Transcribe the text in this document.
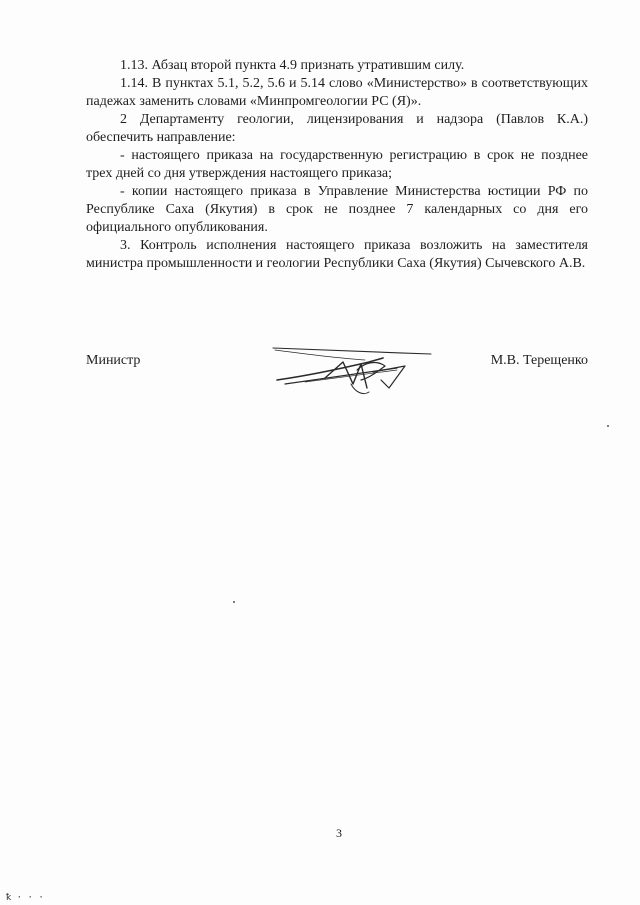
1.13. Абзац второй пункта 4.9 признать утратившим силу.

1.14. В пунктах 5.1, 5.2, 5.6 и 5.14 слово «Министерство» в соответствующих падежах заменить словами «Минпромгеологии РС (Я)».

2 Департаменту геологии, лицензирования и надзора (Павлов К.А.) обеспечить направление:

- настоящего приказа на государственную регистрацию в срок не позднее трех дней со дня утверждения настоящего приказа;

- копии настоящего приказа в Управление Министерства юстиции РФ по Республике Саха (Якутия) в срок не позднее 7 календарных со дня его официального опубликования.

3. Контроль исполнения настоящего приказа возложить на заместителя министра промышленности и геологии Республики Саха (Якутия) Сычевского А.В.

Министр	М.В. Терещенко
3
ꝁ · · ·
